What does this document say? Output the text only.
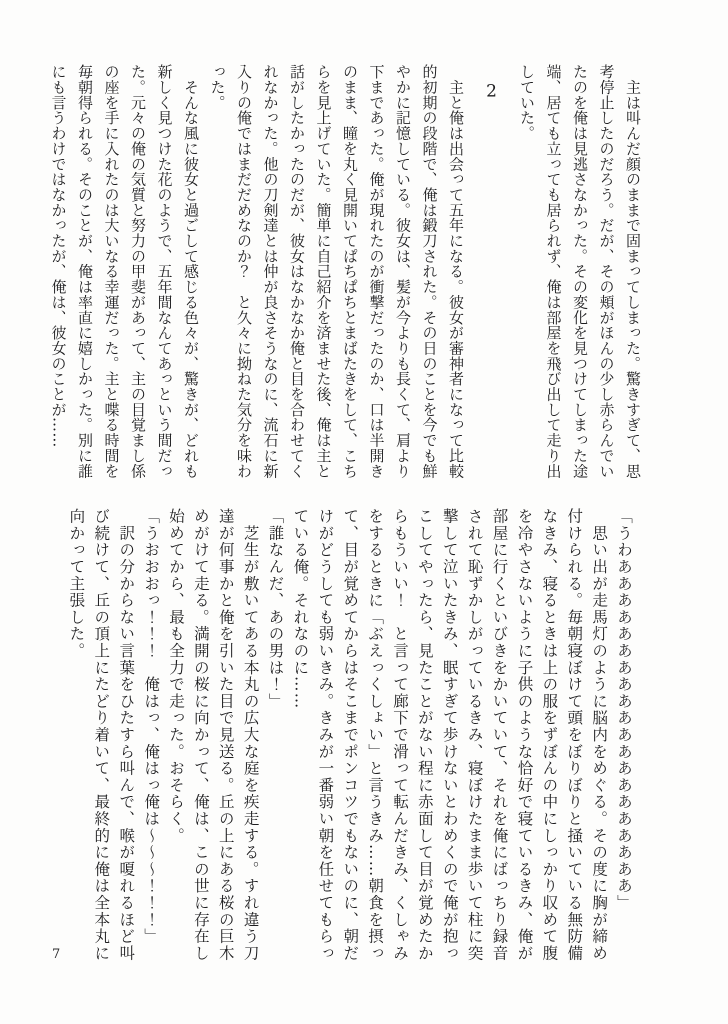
　主は叫んだ顔のままで固まってしまった。驚きすぎて、思
考停止したのだろう。だが、その頬がほんの少し赤らんでい
たのを俺は見逃さなかった。その変化を見つけてしまった途
端、居ても立っても居られず、俺は部屋を飛び出して走り出
していた。
　2
　主と俺は出会って五年になる。彼女が審神者になって比較
的初期の段階で、俺は鍛刀された。その日のことを今でも鮮
やかに記憶している。彼女は、髪が今よりも長くて、肩より
下まであった。俺が現れたのが衝撃だったのか、口は半開き
のまま、瞳を丸く見開いてぱちぱちとまばたきをして、こち
らを見上げていた。簡単に自己紹介を済ませた後、俺は主と
話がしたかったのだが、彼女はなかなか俺と目を合わせてく
れなかった。他の刀剣達とは仲が良さそうなのに、流石に新
入りの俺ではまだだめなのか？　と久々に拗ねた気分を味わ
った。
　そんな風に彼女と過ごして感じる色々が、驚きが、どれも
新しく見つけた花のようで、五年間なんてあっという間だっ
た。元々の俺の気質と努力の甲斐があって、主の目覚まし係
の座を手に入れたのは大いなる幸運だった。主と喋る時間を
毎朝得られる。そのことが、俺は率直に嬉しかった。別に誰
にも言うわけではなかったが、俺は、彼女のことが……
「うわああああああああああああああああああああ」
　思い出が走馬灯のように脳内をめぐる。その度に胸が締め
付けられる。毎朝寝ぼけて頭をぼりぼりと掻いている無防備
なきみ、寝るときは上の服をずぼんの中にしっかり収めて腹
を冷やさないように子供のような恰好で寝ているきみ、俺が
部屋に行くといびきをかいていて、それを俺にばっちり録音
されて恥ずかしがっているきみ、寝ぼけたまま歩いて柱に突
撃して泣いたきみ、眠すぎて歩けないとわめくので俺が抱っ
こしてやったら、見たことがない程に赤面して目が覚めたか
らもういい！　と言って廊下で滑って転んだきみ、くしゃみ
をするときに「ぶえっくしょい」と言うきみ……朝食を摂っ
て、目が覚めてからはそこまでポンコツでもないのに、朝だ
けがどうしても弱いきみ。きみが一番弱い朝を任せてもらっ
ている俺。それなのに……
「誰なんだ、あの男は！」
　芝生が敷いてある本丸の広大な庭を疾走する。すれ違う刀
達が何事かと俺を引いた目で見送る。丘の上にある桜の巨木
めがけて走る。満開の桜に向かって、俺は、この世に存在し
始めてから、最も全力で走った。おそらく。
「うおおおっ！！！　俺はっ、俺はっ俺は〜〜〜！！！」
　訳の分からない言葉をひたすら叫んで、喉が嗄れるほど叫
び続けて、丘の頂上にたどり着いて、最終的に俺は全本丸に
向かって主張した。
7
